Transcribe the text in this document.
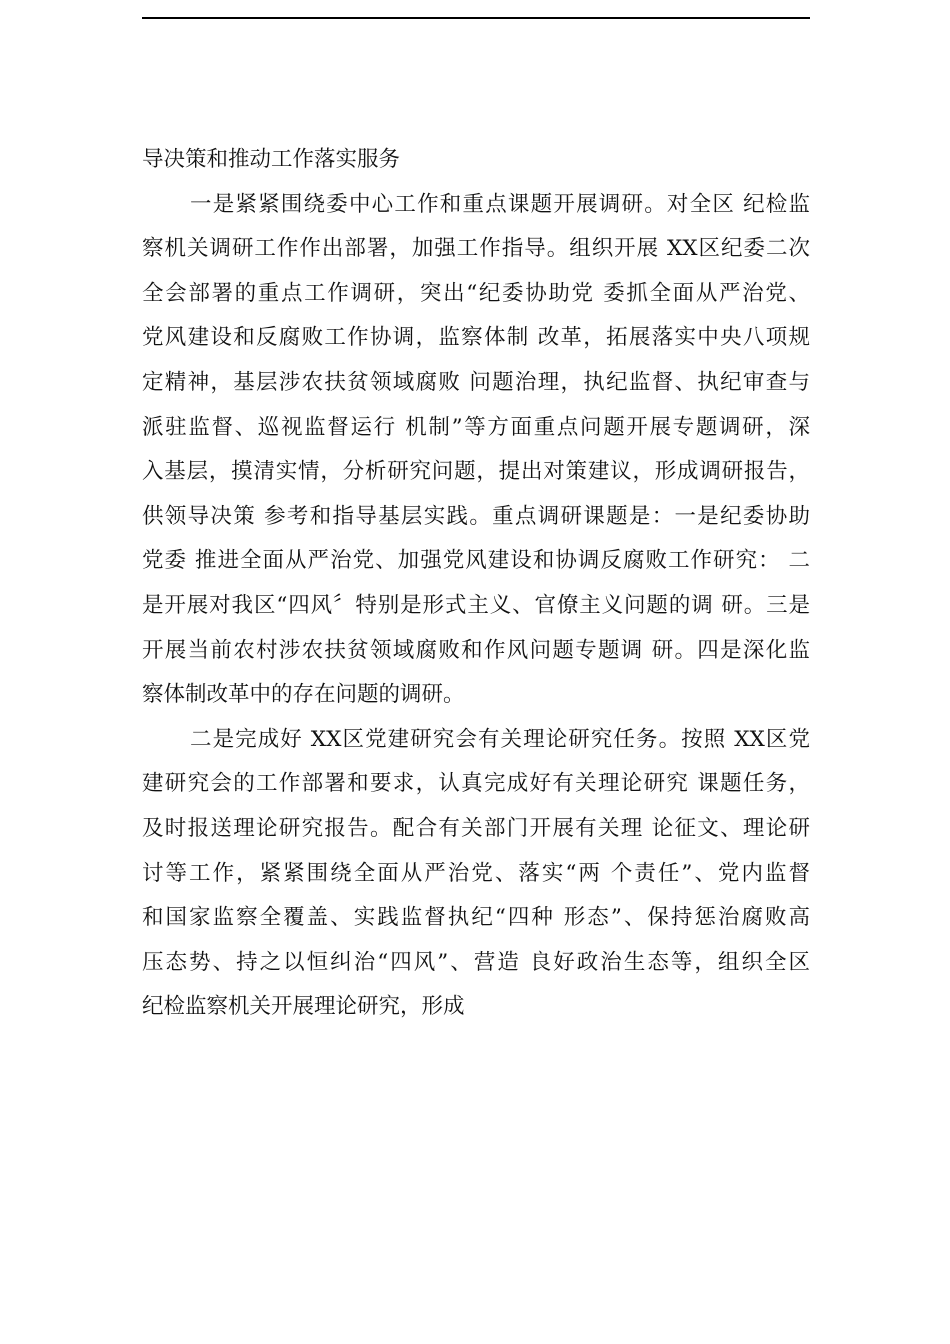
导决策和推动工作落实服务
一是紧紧围绕委中心工作和重点课题开展调研。对全区 纪检监
察机关调研工作作出部署，加强工作指导。组织开展 XX区纪委二次
全会部署的重点工作调研，突出“纪委协助党 委抓全面从严治党、
党风建设和反腐败工作协调，监察体制 改革，拓展落实中央八项规
定精神，基层涉农扶贫领域腐败 问题治理，执纪监督、执纪审查与
派驻监督、巡视监督运行 机制”等方面重点问题开展专题调研，深
入基层，摸清实情，分析研究问题，提出对策建议，形成调研报告，
供领导决策 参考和指导基层实践。重点调研课题是：一是纪委协助
党委 推进全面从严治党、加强党风建设和协调反腐败工作研究： 二
是开展对我区“四风〞特别是形式主义、官僚主义问题的调 研。三是
开展当前农村涉农扶贫领域腐败和作风问题专题调 研。四是深化监
察体制改革中的存在问题的调研。
二是完成好 XX区党建研究会有关理论研究任务。按照 XX区党
建研究会的工作部署和要求，认真完成好有关理论研究 课题任务，
及时报送理论研究报告。配合有关部门开展有关理 论征文、理论研
讨等工作，紧紧围绕全面从严治党、落实“两 个责任”、党内监督
和国家监察全覆盖、实践监督执纪“四种 形态”、保持惩治腐败高
压态势、持之以恒纠治“四风”、营造 良好政治生态等，组织全区
纪检监察机关开展理论研究，形成
